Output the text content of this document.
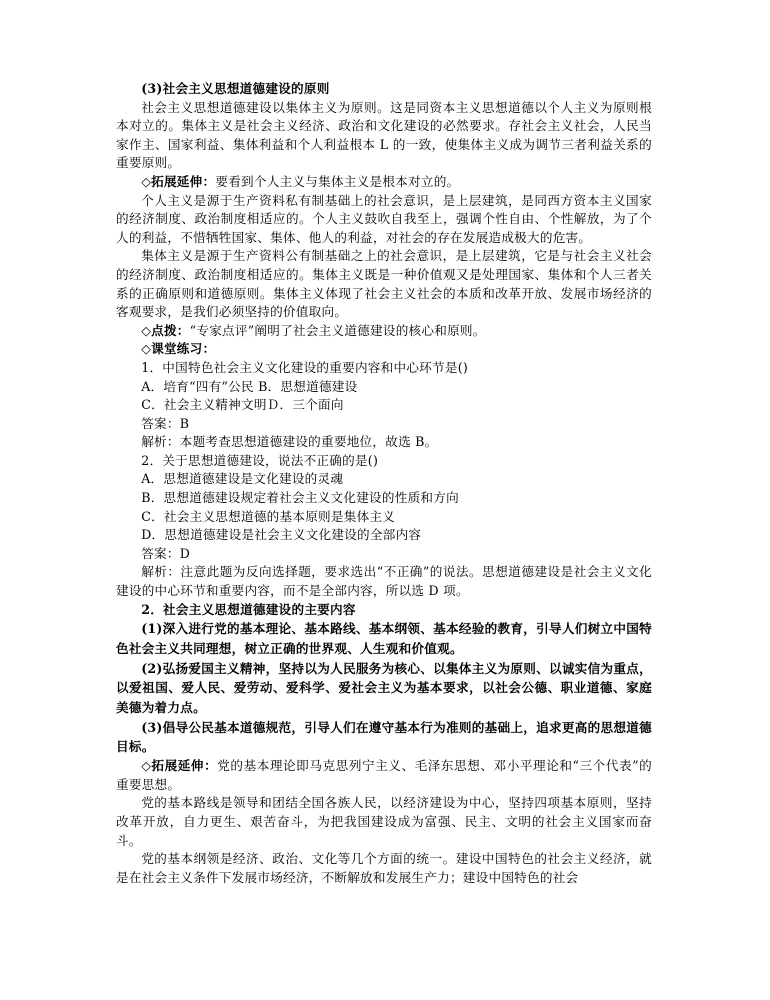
(3)社会主义思想道德建设的原则

社会主义思想道德建设以集体主义为原则。这是同资本主义思想道德以个人主义为原则根本对立的。集体主义是社会主义经济、政治和文化建设的必然要求。存社会主义社会，人民当家作主、国家利益、集体利益和个人利益根本 L 的一致，使集体主义成为调节三者利益关系的重要原则。

◇拓展延伸：要看到个人主义与集体主义是根本对立的。

个人主义是源于生产资料私有制基础上的社会意识，是上层建筑，是同西方资本主义国家的经济制度、政治制度相适应的。个人主义鼓吹自我至上，强调个性自由、个性解放，为了个人的利益，不惜牺牲国家、集体、他人的利益，对社会的存在发展造成极大的危害。

集体主义是源于生产资料公有制基础之上的社会意识，是上层建筑，它是与社会主义社会的经济制度、政治制度相适应的。集体主义既是一种价值观又是处理国家、集体和个人三者关系的正确原则和道德原则。集体主义体现了社会主义社会的本质和改革开放、发展市场经济的客观要求，是我们必须坚持的价值取向。

◇点拨：“专家点评”阐明了社会主义道德建设的核心和原则。

◇课堂练习：

1．中国特色社会主义文化建设的重要内容和中心环节是()

A．培育“四有”公民 B．思想道德建设

C．社会主义精神文明Ｄ．三个面向

答案：B

解析：本题考查思想道德建设的重要地位，故选 B。

2．关于思想道德建设，说法不正确的是()

A．思想道德建设是文化建设的灵魂

B．思想道德建设规定着社会主义文化建设的性质和方向

C．社会主义思想道德的基本原则是集体主义

D．思想道德建设是社会主义文化建设的全部内容

答案：D

解析：注意此题为反向选择题，要求选出“不正确”的说法。思想道德建设是社会主义文化建设的中心环节和重要内容，而不是全部内容，所以选 D 项。

2．社会主义思想道德建设的主要内容

(1)深入进行党的基本理论、基本路线、基本纲领、基本经验的教育，引导人们树立中国特色社会主义共同理想，树立正确的世界观、人生观和价值观。

(2)弘扬爱国主义精神，坚持以为人民服务为核心、以集体主义为原则、以诚实信为重点，以爱祖国、爱人民、爱劳动、爱科学、爱社会主义为基本要求，以社会公德、职业道德、家庭美德为着力点。

(3)倡导公民基本道德规范，引导人们在遵守基本行为准则的基础上，追求更高的思想道德目标。

◇拓展延伸：党的基本理论即马克思列宁主义、毛泽东思想、邓小平理论和“三个代表”的重要思想。

党的基本路线是领导和团结全国各族人民，以经济建设为中心，坚持四项基本原则，坚持改革开放，自力更生、艰苦奋斗，为把我国建设成为富强、民主、文明的社会主义国家而奋斗。

党的基本纲领是经济、政治、文化等几个方面的统一。建设中国特色的社会主义经济，就是在社会主义条件下发展市场经济，不断解放和发展生产力；建设中国特色的社会
